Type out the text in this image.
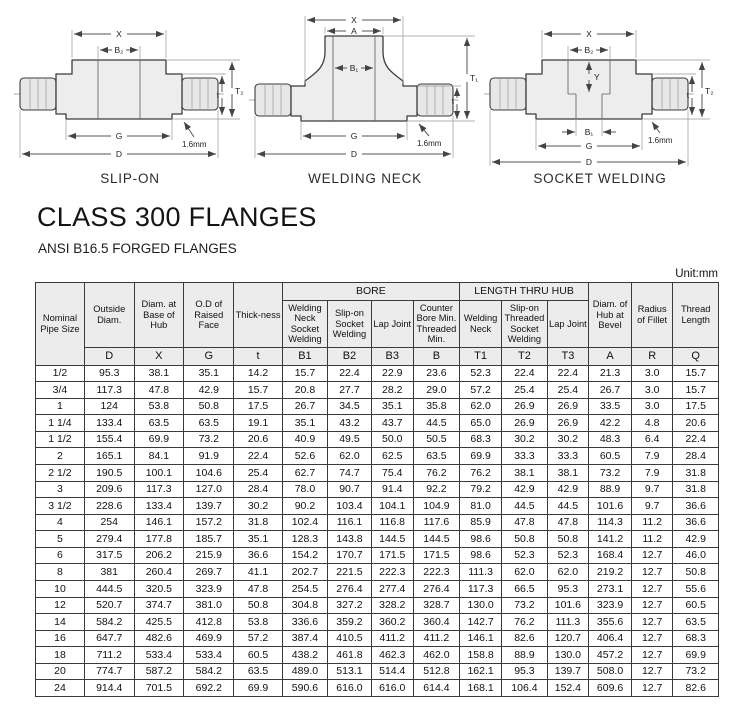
X
B₂
G
D
T₂
t
1.6mm
SLIP-ON
X
A
B₁
G
D
T₁
t
1.6mm
WELDING NECK
X
B₂
Y
B₁
G
D
T₂
t
1.6mm
SOCKET WELDING
CLASS 300 FLANGES
ANSI B16.5 FORGED FLANGES
Unit:mm
Nominal Pipe Size	Outside Diam.	Diam. at Base of Hub	O.D of Raised Face	Thick-ness	BORE				LENGTH THRU HUB			Diam. of Hub at Bevel	Radius of Fillet	Thread Length
					Welding Neck Socket Welding	Slip-on Socket Welding	Lap Joint	Counter Bore Min. Threaded Min.	Welding Neck	Slip-on Threaded Socket Welding	Lap Joint			
	D	X	G	t	B1	B2	B3	B	T1	T2	T3	A	R	Q
1/2	95.3	38.1	35.1	14.2	15.7	22.4	22.9	23.6	52.3	22.4	22.4	21.3	3.0	15.7
3/4	117.3	47.8	42.9	15.7	20.8	27.7	28.2	29.0	57.2	25.4	25.4	26.7	3.0	15.7
1	124	53.8	50.8	17.5	26.7	34.5	35.1	35.8	62.0	26.9	26.9	33.5	3.0	17.5
1 1/4	133.4	63.5	63.5	19.1	35.1	43.2	43.7	44.5	65.0	26.9	26.9	42.2	4.8	20.6
1 1/2	155.4	69.9	73.2	20.6	40.9	49.5	50.0	50.5	68.3	30.2	30.2	48.3	6.4	22.4
2	165.1	84.1	91.9	22.4	52.6	62.0	62.5	63.5	69.9	33.3	33.3	60.5	7.9	28.4
2 1/2	190.5	100.1	104.6	25.4	62.7	74.7	75.4	76.2	76.2	38.1	38.1	73.2	7.9	31.8
3	209.6	117.3	127.0	28.4	78.0	90.7	91.4	92.2	79.2	42.9	42.9	88.9	9.7	31.8
3 1/2	228.6	133.4	139.7	30.2	90.2	103.4	104.1	104.9	81.0	44.5	44.5	101.6	9.7	36.6
4	254	146.1	157.2	31.8	102.4	116.1	116.8	117.6	85.9	47.8	47.8	114.3	11.2	36.6
5	279.4	177.8	185.7	35.1	128.3	143.8	144.5	144.5	98.6	50.8	50.8	141.2	11.2	42.9
6	317.5	206.2	215.9	36.6	154.2	170.7	171.5	171.5	98.6	52.3	52.3	168.4	12.7	46.0
8	381	260.4	269.7	41.1	202.7	221.5	222.3	222.3	111.3	62.0	62.0	219.2	12.7	50.8
10	444.5	320.5	323.9	47.8	254.5	276.4	277.4	276.4	117.3	66.5	95.3	273.1	12.7	55.6
12	520.7	374.7	381.0	50.8	304.8	327.2	328.2	328.7	130.0	73.2	101.6	323.9	12.7	60.5
14	584.2	425.5	412.8	53.8	336.6	359.2	360.2	360.4	142.7	76.2	111.3	355.6	12.7	63.5
16	647.7	482.6	469.9	57.2	387.4	410.5	411.2	411.2	146.1	82.6	120.7	406.4	12.7	68.3
18	711.2	533.4	533.4	60.5	438.2	461.8	462.3	462.0	158.8	88.9	130.0	457.2	12.7	69.9
20	774.7	587.2	584.2	63.5	489.0	513.1	514.4	512.8	162.1	95.3	139.7	508.0	12.7	73.2
24	914.4	701.5	692.2	69.9	590.6	616.0	616.0	614.4	168.1	106.4	152.4	609.6	12.7	82.6
